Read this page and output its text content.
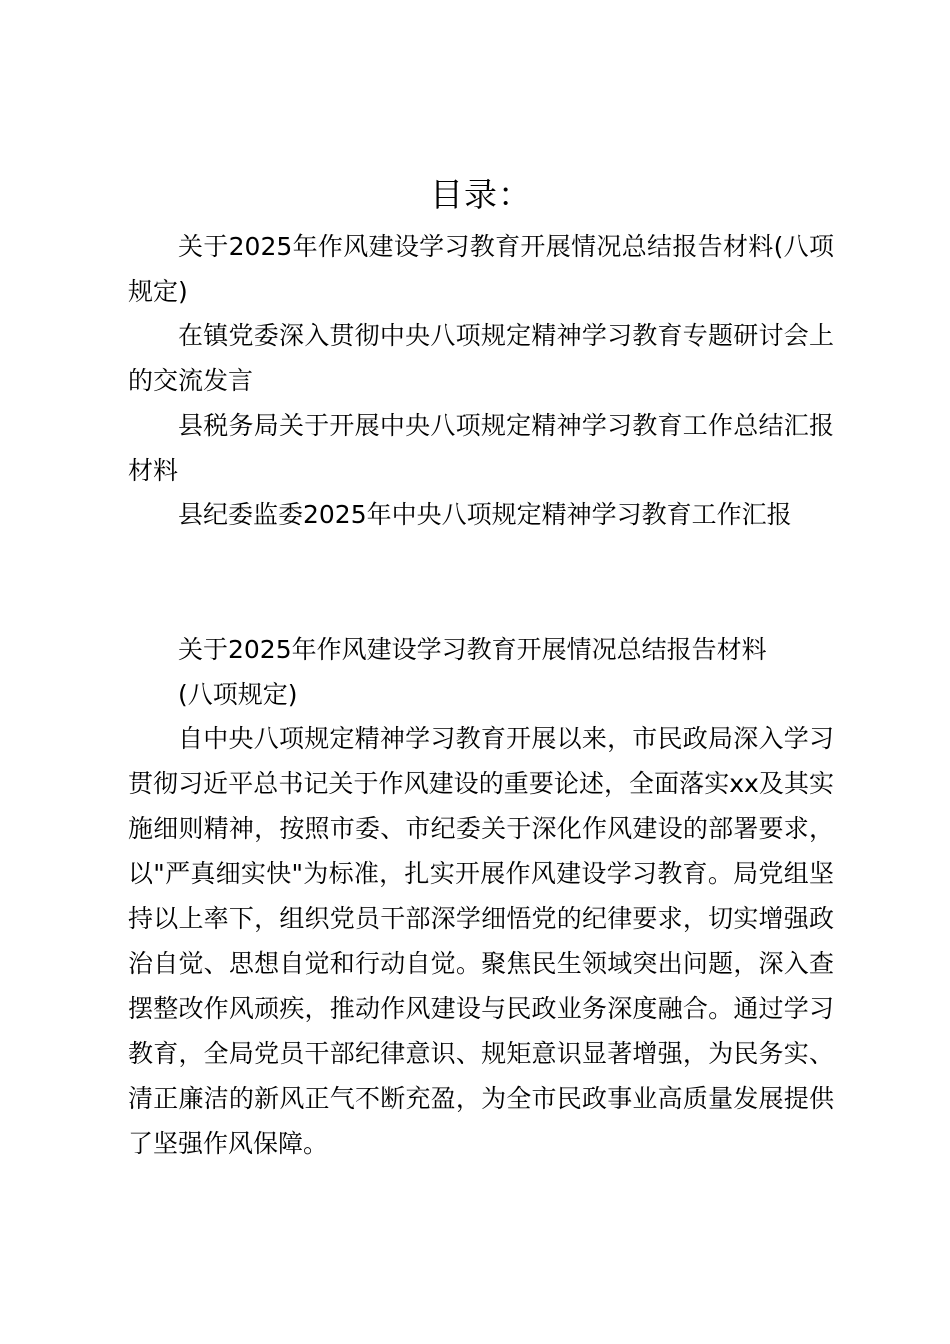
目录：

关于2025年作风建设学习教育开展情况总结报告材料(八项规定)

在镇党委深入贯彻中央八项规定精神学习教育专题研讨会上的交流发言

县税务局关于开展中央八项规定精神学习教育工作总结汇报材料

县纪委监委2025年中央八项规定精神学习教育工作汇报

关于2025年作风建设学习教育开展情况总结报告材料
(八项规定)

自中央八项规定精神学习教育开展以来，市民政局深入学习贯彻习近平总书记关于作风建设的重要论述，全面落实xx及其实施细则精神，按照市委、市纪委关于深化作风建设的部署要求，以"严真细实快"为标准，扎实开展作风建设学习教育。局党组坚持以上率下，组织党员干部深学细悟党的纪律要求，切实增强政治自觉、思想自觉和行动自觉。聚焦民生领域突出问题，深入查摆整改作风顽疾，推动作风建设与民政业务深度融合。通过学习教育，全局党员干部纪律意识、规矩意识显著增强，为民务实、清正廉洁的新风正气不断充盈，为全市民政事业高质量发展提供了坚强作风保障。
